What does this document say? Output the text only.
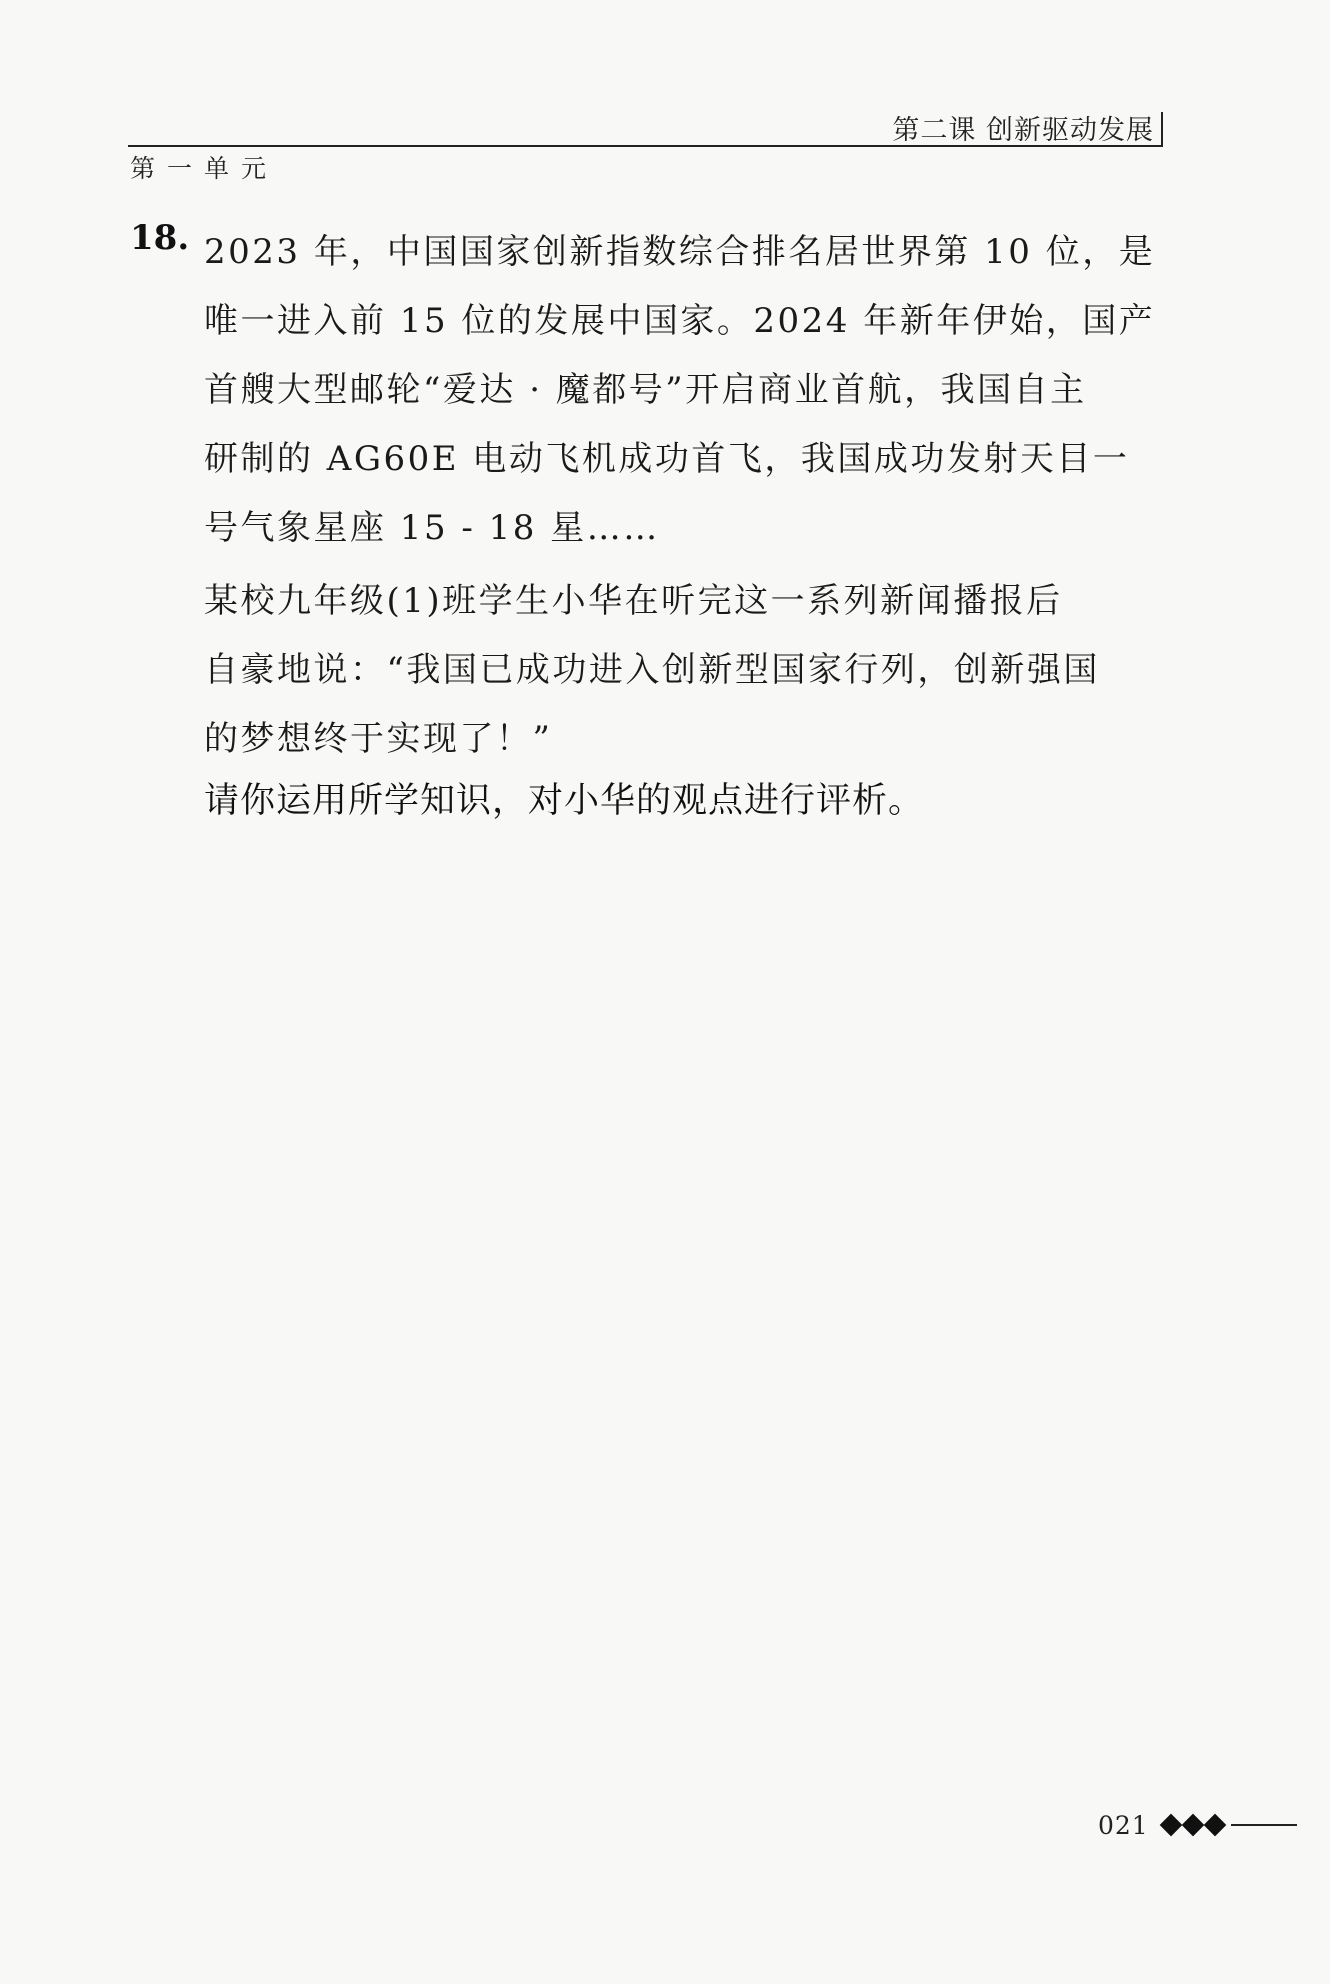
第二课 创新驱动发展
第一单元
18. 2023 年，中国国家创新指数综合排名居世界第 10 位，是
唯一进入前 15 位的发展中国家。2024 年新年伊始，国产
首艘大型邮轮“爱达 · 魔都号”开启商业首航，我国自主
研制的 AG60E 电动飞机成功首飞，我国成功发射天目一
号气象星座 15 - 18 星……
某校九年级(1)班学生小华在听完这一系列新闻播报后
自豪地说：“我国已成功进入创新型国家行列，创新强国
的梦想终于实现了！”
请你运用所学知识，对小华的观点进行评析。
021
